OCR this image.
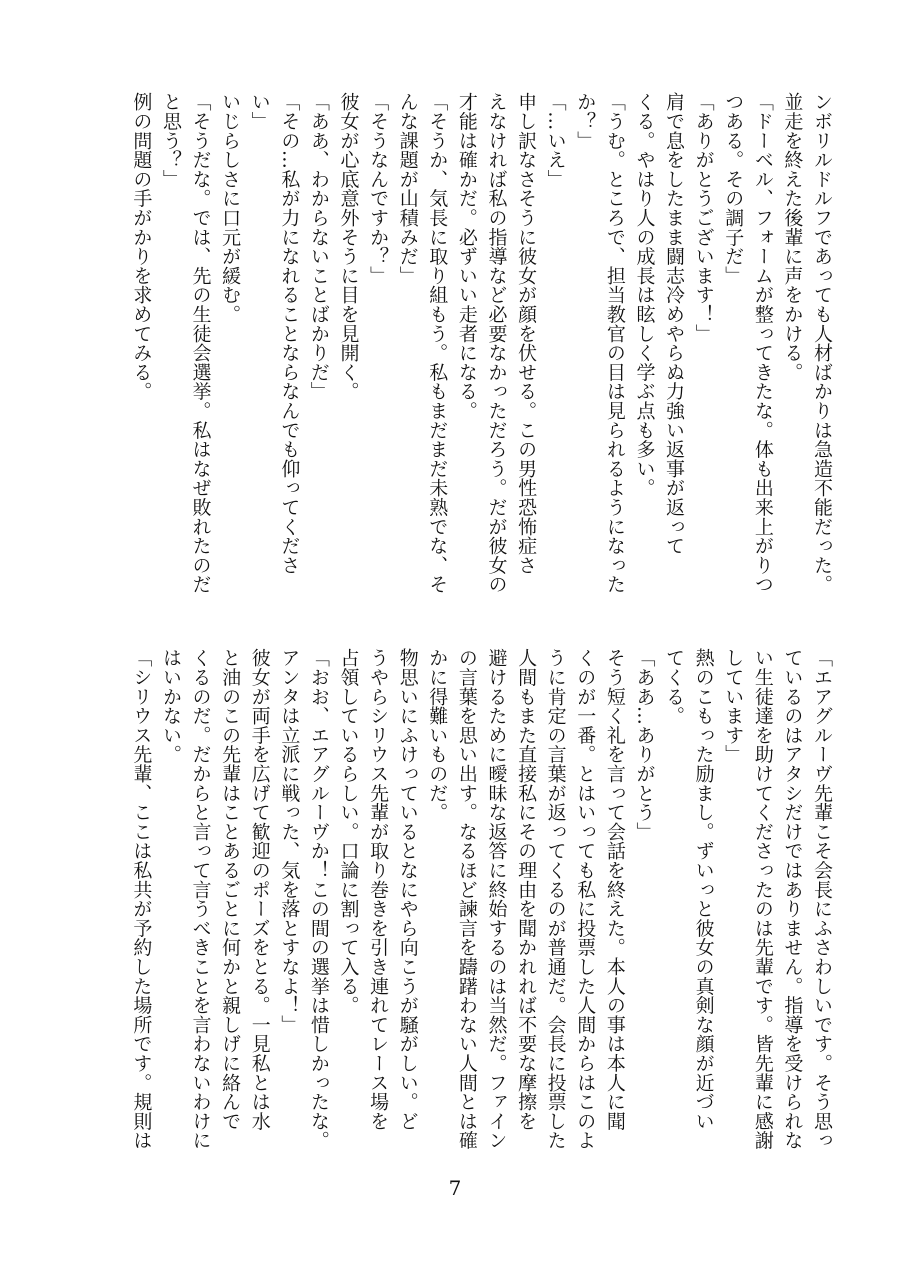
ンボリルドルフであっても人材ばかりは急造不能だった。
並走を終えた後輩に声をかける。
「ドーベル、フォームが整ってきたな。体も出来上がりつ
つある。その調子だ」
「ありがとうございます！」
肩で息をしたまま闘志冷めやらぬ力強い返事が返って
くる。やはり人の成長は眩しく学ぶ点も多い。
「うむ。ところで、担当教官の目は見られるようになった
か？」
「…いえ」
申し訳なさそうに彼女が顔を伏せる。この男性恐怖症さ
えなければ私の指導など必要なかっただろう。だが彼女の
才能は確かだ。必ずいい走者になる。
「そうか、気長に取り組もう。私もまだまだ未熟でな、そ
んな課題が山積みだ」
「そうなんですか？」
彼女が心底意外そうに目を見開く。
「ああ、わからないことばかりだ」
「その…私が力になれることならなんでも仰ってくださ
い」
いじらしさに口元が緩む。
「そうだな。では、先の生徒会選挙。私はなぜ敗れたのだ
と思う？」
例の問題の手がかりを求めてみる。
「エアグルーヴ先輩こそ会長にふさわしいです。そう思っ
ているのはアタシだけではありません。指導を受けられな
い生徒達を助けてくださったのは先輩です。皆先輩に感謝
しています」
熱のこもった励まし。ずいっと彼女の真剣な顔が近づい
てくる。
「ああ…ありがとう」
そう短く礼を言って会話を終えた。本人の事は本人に聞
くのが一番。とはいっても私に投票した人間からはこのよ
うに肯定の言葉が返ってくるのが普通だ。会長に投票した
人間もまた直接私にその理由を聞かれれば不要な摩擦を
避けるために曖昧な返答に終始するのは当然だ。ファイン
の言葉を思い出す。なるほど諫言を躊躇わない人間とは確
かに得難いものだ。
物思いにふけっているとなにやら向こうが騒がしい。ど
うやらシリウス先輩が取り巻きを引き連れてレース場を
占領しているらしい。口論に割って入る。
「おお、エアグルーヴか！この間の選挙は惜しかったな。
アンタは立派に戦った、気を落とすなよ！」
彼女が両手を広げて歓迎のポーズをとる。一見私とは水
と油のこの先輩はことあるごとに何かと親しげに絡んで
くるのだ。だからと言って言うべきことを言わないわけに
はいかない。
「シリウス先輩、ここは私共が予約した場所です。規則は
7
